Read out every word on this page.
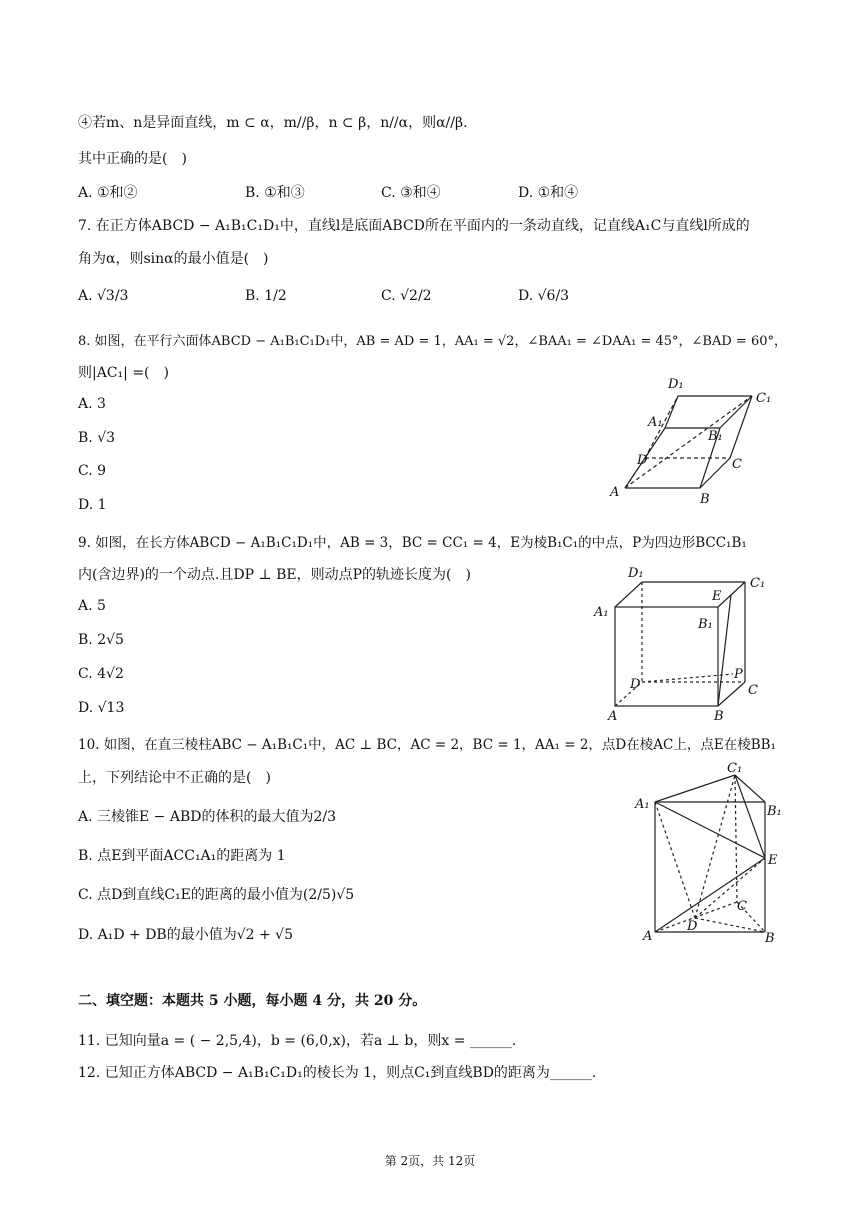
④若m、n是异面直线，m ⊂ α，m//β，n ⊂ β，n//α，则α//β.
其中正确的是(　)
A. ①和②	B. ①和③	C. ③和④	D. ①和④
7. 在正方体ABCD − A₁B₁C₁D₁中，直线l是底面ABCD所在平面内的一条动直线，记直线A₁C与直线l所成的
角为α，则sinα的最小值是(　)
A. √3/3	B. 1/2	C. √2/2	D. √6/3
8. 如图，在平行六面体ABCD − A₁B₁C₁D₁中，AB = AD = 1，AA₁ = √2，∠BAA₁ = ∠DAA₁ = 45°，∠BAD = 60°，
则|AC₁| =(　)
A. 3
B. √3
C. 9
D. 1
D₁
C₁
A₁
B₁
D	C
A	B
9. 如图，在长方体ABCD − A₁B₁C₁D₁中，AB = 3，BC = CC₁ = 4，E为棱B₁C₁的中点，P为四边形BCC₁B₁
内(含边界)的一个动点.且DP ⊥ BE，则动点P的轨迹长度为(　)
A. 5
B. 2√5
C. 4√2
D. √13
D₁
C₁
A₁
E
B₁
P
D	C
A	B
10. 如图，在直三棱柱ABC − A₁B₁C₁中，AC ⊥ BC，AC = 2，BC = 1，AA₁ = 2，点D在棱AC上，点E在棱BB₁
上，下列结论中不正确的是(　)
A. 三棱锥E − ABD的体积的最大值为2/3
B. 点E到平面ACC₁A₁的距离为 1
C. 点D到直线C₁E的距离的最小值为(2/5)√5
D. A₁D + DB的最小值为√2 + √5
C₁
A₁	B₁
E
C
D
A	B
二、填空题：本题共 5 小题，每小题 4 分，共 20 分。
11. 已知向量a = ( − 2,5,4)，b = (6,0,x)，若a ⊥ b，则x = ______.
12. 已知正方体ABCD − A₁B₁C₁D₁的棱长为 1，则点C₁到直线BD的距离为______.
第 2页，共 12页
